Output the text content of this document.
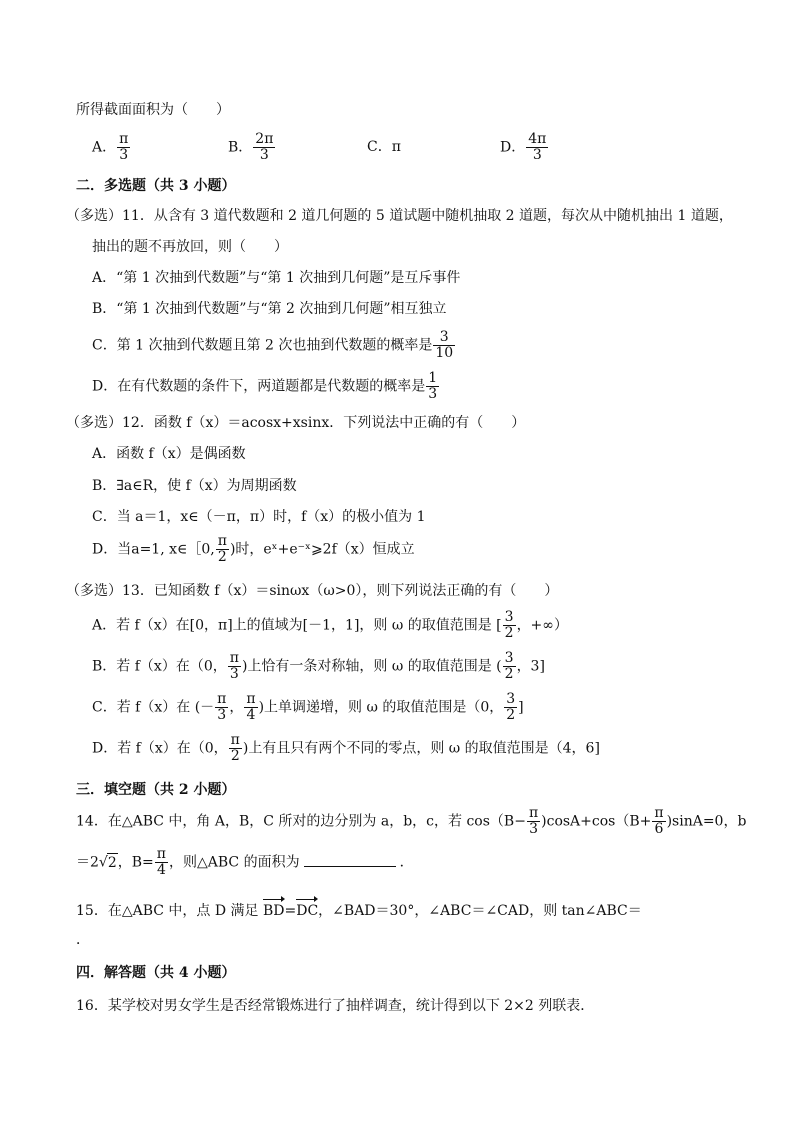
所得截面面积为（　　）
A． $\frac{\pi}{3}$	B． $\frac{2\pi}{3}$	C．π	D． $\frac{4\pi}{3}$
二．多选题（共 3 小题）
（多选）11．从含有 3 道代数题和 2 道几何题的 5 道试题中随机抽取 2 道题，每次从中随机抽出 1 道题，
抽出的题不再放回，则（　　）
A．“第 1 次抽到代数题”与“第 1 次抽到几何题”是互斥事件
B．“第 1 次抽到代数题”与“第 2 次抽到几何题”相互独立
C．第 1 次抽到代数题且第 2 次也抽到代数题的概率是 $\frac{3}{10}$
D．在有代数题的条件下，两道题都是代数题的概率是 $\frac{1}{3}$
（多选）12．函数 f（x）＝acosx+xsinx．下列说法中正确的有（　　）
A．函数 f（x）是偶函数
B．∃a∈R，使 f（x）为周期函数
C．当 a＝1，x∈（－π，π）时，f（x）的极小值为 1
D．当a=1, x∈［0, $\frac{\pi}{2}$ )时，eˣ+e⁻ˣ⩾2f（x）恒成立
（多选）13．已知函数 f（x）＝sinωx（ω>0），则下列说法正确的有（　　）
A．若 f（x）在[0，π]上的值域为[－1，1]，则 ω 的取值范围是 [ $\frac{3}{2}$ ，+∞）
B．若 f（x）在（0， $\frac{\pi}{3}$ )上恰有一条对称轴，则 ω 的取值范围是 ( $\frac{3}{2}$ ，3]
C．若 f（x）在 (－ $\frac{\pi}{3}$ ， $\frac{\pi}{4}$ )上单调递增，则 ω 的取值范围是（0， $\frac{3}{2}$ ]
D．若 f（x）在（0， $\frac{\pi}{2}$ )上有且只有两个不同的零点，则 ω 的取值范围是（4，6]
三．填空题（共 2 小题）
14．在△ABC 中，角 A，B，C 所对的边分别为 a，b，c，若 $\cos(B- \frac{\pi}{3} )\cos A+\cos(B+ \frac{\pi}{6} )\sin A=0$，b
＝2√2，$B= \frac{\pi}{4}$ ，则△ABC 的面积为	．
15．在△ABC 中，点 D 满足 BD=DC，∠BAD＝30°，∠ABC＝∠CAD，则 tan∠ABC＝
．
四．解答题（共 4 小题）
16．某学校对男女学生是否经常锻炼进行了抽样调查，统计得到以下 2×2 列联表．
